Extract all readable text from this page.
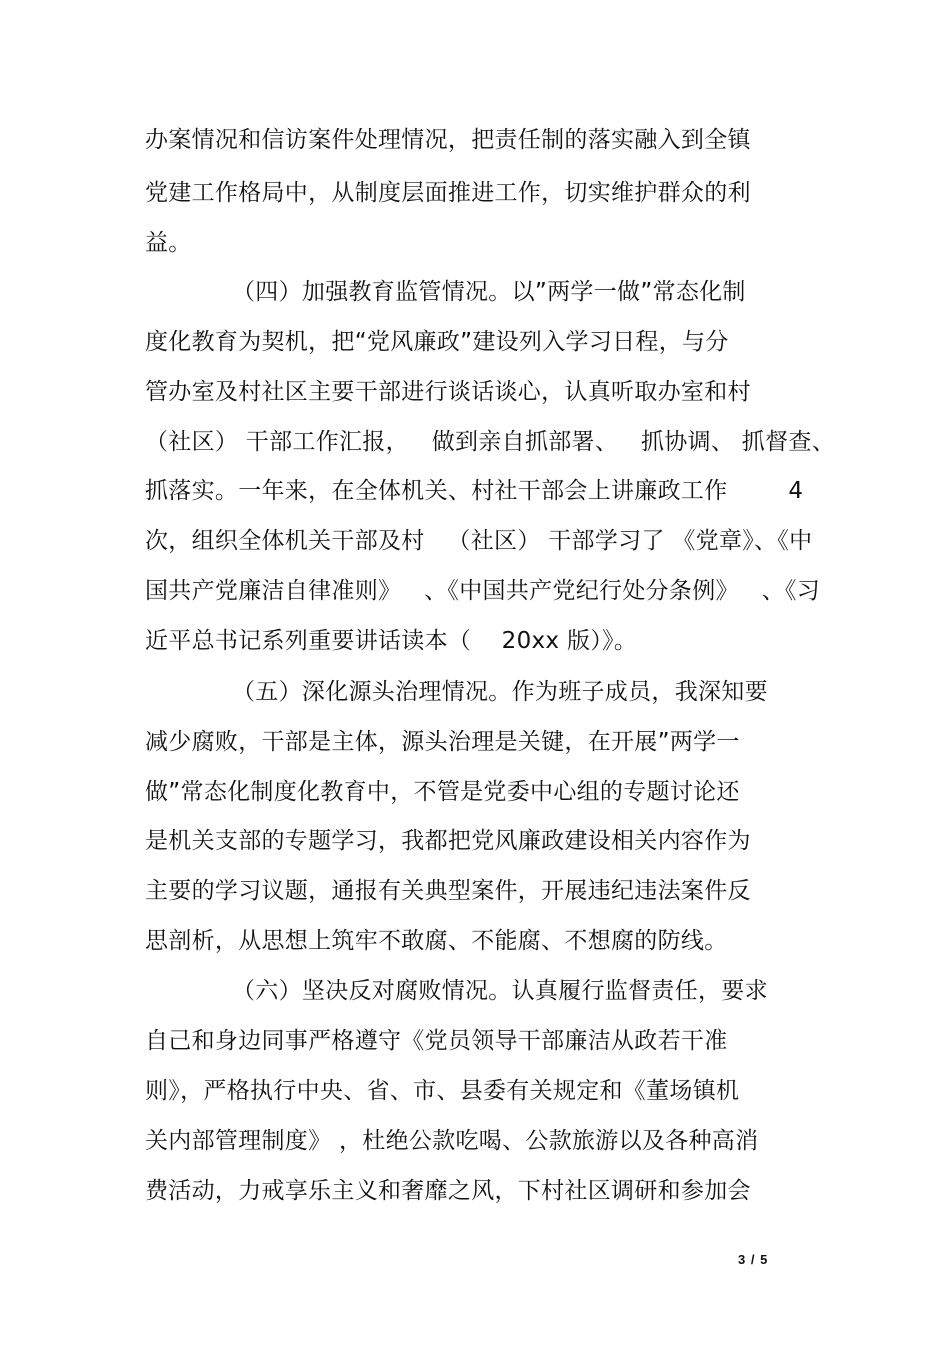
办案情况和信访案件处理情况，把责任制的落实融入到全镇
党建工作格局中，从制度层面推进工作，切实维护群众的利
益。
（四）加强教育监管情况。以”两学一做”常态化制
度化教育为契机，把“党风廉政”建设列入学习日程，与分
管办室及村社区主要干部进行谈话谈心，认真听取办室和村
（社区） 干部工作汇报，   做到亲自抓部署、   抓协调、 抓督查、
抓落实。一年来，在全体机关、村社干部会上讲廉政工作        4
次，组织全体机关干部及村   （社区） 干部学习了 《党章》、《中
国共产党廉洁自律准则》   、《中国共产党纪行处分条例》   、《习
近平总书记系列重要讲话读本（    20xx 版）》。
（五）深化源头治理情况。作为班子成员，我深知要
减少腐败，干部是主体，源头治理是关键，在开展”两学一
做”常态化制度化教育中，不管是党委中心组的专题讨论还
是机关支部的专题学习，我都把党风廉政建设相关内容作为
主要的学习议题，通报有关典型案件，开展违纪违法案件反
思剖析，从思想上筑牢不敢腐、不能腐、不想腐的防线。
（六）坚决反对腐败情况。认真履行监督责任，要求
自己和身边同事严格遵守《党员领导干部廉洁从政若干准
则》，严格执行中央、省、市、县委有关规定和《董场镇机
关内部管理制度》 ，杜绝公款吃喝、公款旅游以及各种高消
费活动，力戒享乐主义和奢靡之风，下村社区调研和参加会
3 / 5
